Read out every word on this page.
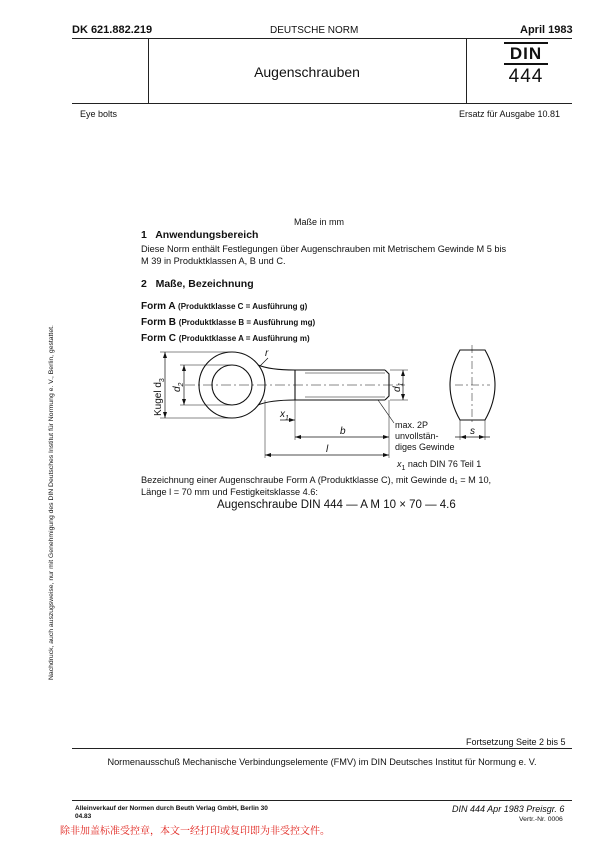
DK 621.882.219	DEUTSCHE NORM	April 1983
Augenschrauben
DIN
444
Eye bolts	Ersatz für Ausgabe 10.81
Nachdruck, auch auszugsweise, nur mit Genehmigung des DIN Deutsches Institut für Normung e. V., Berlin, gestattet.
Maße in mm
1   Anwendungsbereich
Diese Norm enthält Festlegungen über Augenschrauben mit Metrischem Gewinde M 5 bis
M 39 in Produktklassen A, B und C.
2   Maße, Bezeichnung
Form A (Produktklasse C = Ausführung g)
Form B (Produktklasse B = Ausführung mg)
Form C (Produktklasse A = Ausführung m)
r
Kugel $d_3$
$d_2$
$d_1$
$x_1$
b
l
s
max. 2P
unvollstän-
diges Gewinde
$x_1$ nach DIN 76 Teil 1
Bezeichnung einer Augenschraube Form A (Produktklasse C), mit Gewinde d₁ = M 10,
Länge l = 70 mm und Festigkeitsklasse 4.6:
Augenschraube DIN 444 — A M 10 × 70 — 4.6
Fortsetzung Seite 2 bis 5
Normenausschuß Mechanische Verbindungselemente (FMV) im DIN Deutsches Institut für Normung e. V.
Alleinverkauf der Normen durch Beuth Verlag GmbH, Berlin 30
04.83
DIN 444 Apr 1983 Preisgr. 6
Vertr.-Nr. 0006
除非加盖标准受控章，本文一经打印或复印即为非受控文件。
